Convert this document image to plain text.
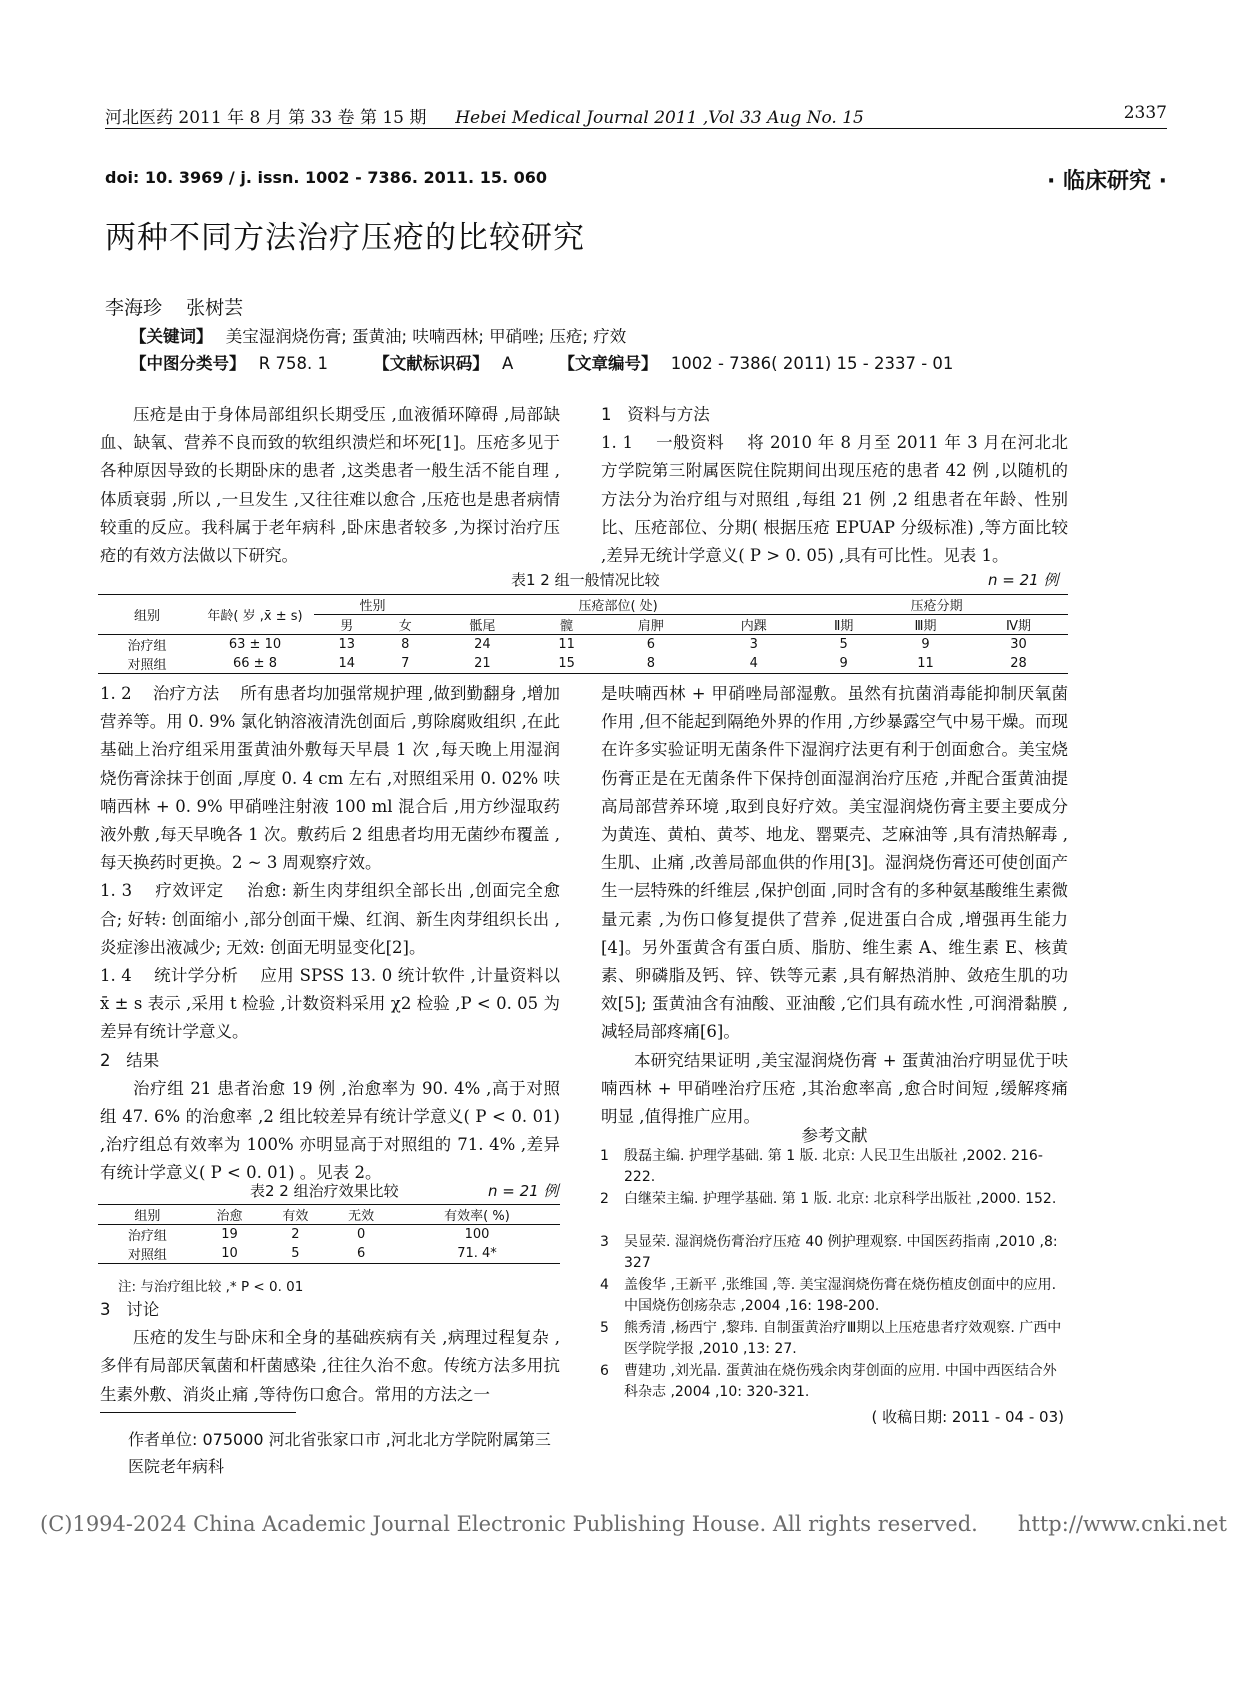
河北医药 2011 年 8 月 第 33 卷 第 15 期 Hebei Medical Journal 2011 ,Vol 33 Aug No. 15	2337
doi: 10. 3969 / j. issn. 1002 - 7386. 2011. 15. 060	· 临床研究 ·
两种不同方法治疗压疮的比较研究
李海珍    张树芸
【关键词】 美宝湿润烧伤膏; 蛋黄油; 呋喃西林; 甲硝唑; 压疮; 疗效
【中图分类号】 R 758. 1	【文献标识码】 A	【文章编号】 1002 - 7386( 2011) 15 - 2337 - 01

压疮是由于身体局部组织长期受压 ,血液循环障碍 ,局部缺血、缺氧、营养不良而致的软组织溃烂和坏死[1]。压疮多见于各种原因导致的长期卧床的患者 ,这类患者一般生活不能自理 ,体质衰弱 ,所以 ,一旦发生 ,又往往难以愈合 ,压疮也是患者病情较重的反应。我科属于老年病科 ,卧床患者较多 ,为探讨治疗压疮的有效方法做以下研究。

1   资料与方法

1. 1    一般资料    将 2010 年 8 月至 2011 年 3 月在河北北方学院第三附属医院住院期间出现压疮的患者 42 例 ,以随机的方法分为治疗组与对照组 ,每组 21 例 ,2 组患者在年龄、性别比、压疮部位、分期( 根据压疮 EPUAP 分级标准) ,等方面比较 ,差异无统计学意义( P > 0. 05) ,具有可比性。见表 1。

表1 2 组一般情况比较	n = 21 例
组别	年龄( 岁 ,x̄ ± s)	性别		压疮部位( 处)				压疮分期		
		男	女	骶尾	髋	肩胛	内踝	Ⅱ期	Ⅲ期	Ⅳ期
治疗组	63 ± 10	13	8	24	11	6	3	5	9	30
对照组	66 ± 8	14	7	21	15	8	4	9	11	28

1. 2    治疗方法    所有患者均加强常规护理 ,做到勤翻身 ,增加营养等。用 0. 9% 氯化钠溶液清洗创面后 ,剪除腐败组织 ,在此基础上治疗组采用蛋黄油外敷每天早晨 1 次 ,每天晚上用湿润烧伤膏涂抹于创面 ,厚度 0. 4 cm 左右 ,对照组采用 0. 02% 呋喃西林 + 0. 9% 甲硝唑注射液 100 ml 混合后 ,用方纱湿取药液外敷 ,每天早晚各 1 次。敷药后 2 组患者均用无菌纱布覆盖 ,每天换药时更换。2 ~ 3 周观察疗效。

1. 3    疗效评定    治愈: 新生肉芽组织全部长出 ,创面完全愈合; 好转: 创面缩小 ,部分创面干燥、红润、新生肉芽组织长出 ,炎症渗出液减少; 无效: 创面无明显变化[2]。

1. 4    统计学分析    应用 SPSS 13. 0 统计软件 ,计量资料以 x̄ ± s 表示 ,采用 t 检验 ,计数资料采用 χ2 检验 ,P < 0. 05 为差异有统计学意义。

2   结果

治疗组 21 患者治愈 19 例 ,治愈率为 90. 4% ,高于对照组 47. 6% 的治愈率 ,2 组比较差异有统计学意义( P < 0. 01) ,治疗组总有效率为 100% 亦明显高于对照组的 71. 4% ,差异有统计学意义( P < 0. 01) 。见表 2。

表2 2 组治疗效果比较	n = 21 例
组别	治愈	有效	无效	有效率( %)
治疗组	19	2	0	100
对照组	10	5	6	71. 4*
注: 与治疗组比较 ,* P < 0. 01

3   讨论

压疮的发生与卧床和全身的基础疾病有关 ,病理过程复杂 ,多伴有局部厌氧菌和杆菌感染 ,往往久治不愈。传统方法多用抗生素外敷、消炎止痛 ,等待伤口愈合。常用的方法之一

作者单位: 075000 河北省张家口市 ,河北北方学院附属第三医院老年病科

是呋喃西林 + 甲硝唑局部湿敷。虽然有抗菌消毒能抑制厌氧菌作用 ,但不能起到隔绝外界的作用 ,方纱暴露空气中易干燥。而现在许多实验证明无菌条件下湿润疗法更有利于创面愈合。美宝烧伤膏正是在无菌条件下保持创面湿润治疗压疮 ,并配合蛋黄油提高局部营养环境 ,取到良好疗效。美宝湿润烧伤膏主要主要成分为黄连、黄柏、黄芩、地龙、罂粟壳、芝麻油等 ,具有清热解毒 ,生肌、止痛 ,改善局部血供的作用[3]。湿润烧伤膏还可使创面产生一层特殊的纤维层 ,保护创面 ,同时含有的多种氨基酸维生素微量元素 ,为伤口修复提供了营养 ,促进蛋白合成 ,增强再生能力[4]。另外蛋黄含有蛋白质、脂肪、维生素 A、维生素 E、核黄素、卵磷脂及钙、锌、铁等元素 ,具有解热消肿、敛疮生肌的功效[5]; 蛋黄油含有油酸、亚油酸 ,它们具有疏水性 ,可润滑黏膜 ,减轻局部疼痛[6]。

本研究结果证明 ,美宝湿润烧伤膏 + 蛋黄油治疗明显优于呋喃西林 + 甲硝唑治疗压疮 ,其治愈率高 ,愈合时间短 ,缓解疼痛明显 ,值得推广应用。

参考文献
1 殷磊主编. 护理学基础. 第 1 版. 北京: 人民卫生出版社 ,2002. 216-222.
2 白继荣主编. 护理学基础. 第 1 版. 北京: 北京科学出版社 ,2000. 152.
3 吴显荣. 湿润烧伤膏治疗压疮 40 例护理观察. 中国医药指南 ,2010 ,8: 327
4 盖俊华 ,王新平 ,张维国 ,等. 美宝湿润烧伤膏在烧伤植皮创面中的应用. 中国烧伤创疡杂志 ,2004 ,16: 198-200.
5 熊秀清 ,杨西宁 ,黎玮. 自制蛋黄治疗Ⅲ期以上压疮患者疗效观察. 广西中医学院学报 ,2010 ,13: 27.
6 曹建功 ,刘光晶. 蛋黄油在烧伤残余肉芽创面的应用. 中国中西医结合外科杂志 ,2004 ,10: 320-321.
( 收稿日期: 2011 - 04 - 03)
(C)1994-2024 China Academic Journal Electronic Publishing House. All rights reserved.      http://www.cnki.net
